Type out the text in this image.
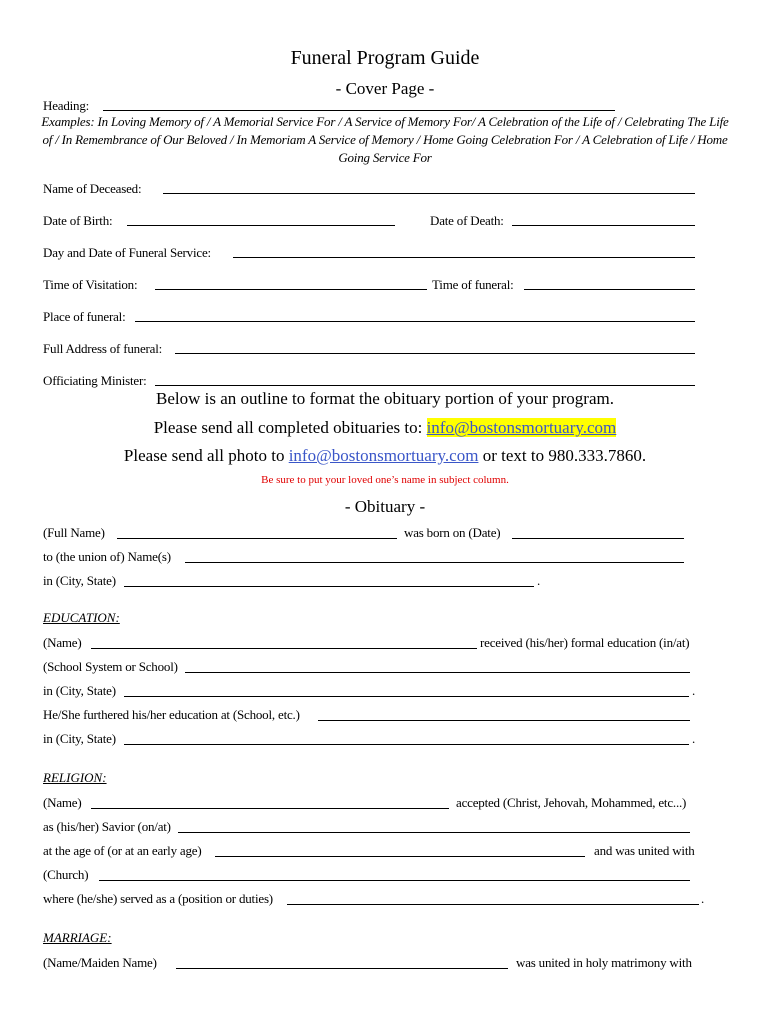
Funeral Program Guide
- Cover Page -
Heading:
Examples: In Loving Memory of / A Memorial Service For / A Service of Memory For/ A Celebration of the Life of / Celebrating The Life of / In Remembrance of Our Beloved / In Memoriam A Service of Memory / Home Going Celebration For / A Celebration of Life / Home Going Service For
Name of Deceased:
Date of Birth:	Date of Death:
Day and Date of Funeral Service:
Time of Visitation:	Time of funeral:
Place of funeral:
Full Address of funeral:
Officiating Minister:
Below is an outline to format the obituary portion of your program.
Please send all completed obituaries to: info@bostonsmortuary.com
Please send all photo to info@bostonsmortuary.com or text to 980.333.7860.
Be sure to put your loved one’s name in subject column.
- Obituary -
(Full Name)	was born on (Date)
to (the union of) Name(s)
in (City, State)	.
EDUCATION:
(Name)	received (his/her) formal education (in/at)
(School System or School)
in (City, State)	.
He/She furthered his/her education at (School, etc.)
in (City, State)	.
RELIGION:
(Name)	accepted (Christ, Jehovah, Mohammed, etc...)
as (his/her) Savior (on/at)
at the age of (or at an early age)	and was united with
(Church)
where (he/she) served as a (position or duties)	.
MARRIAGE:
(Name/Maiden Name)	was united in holy matrimony with
